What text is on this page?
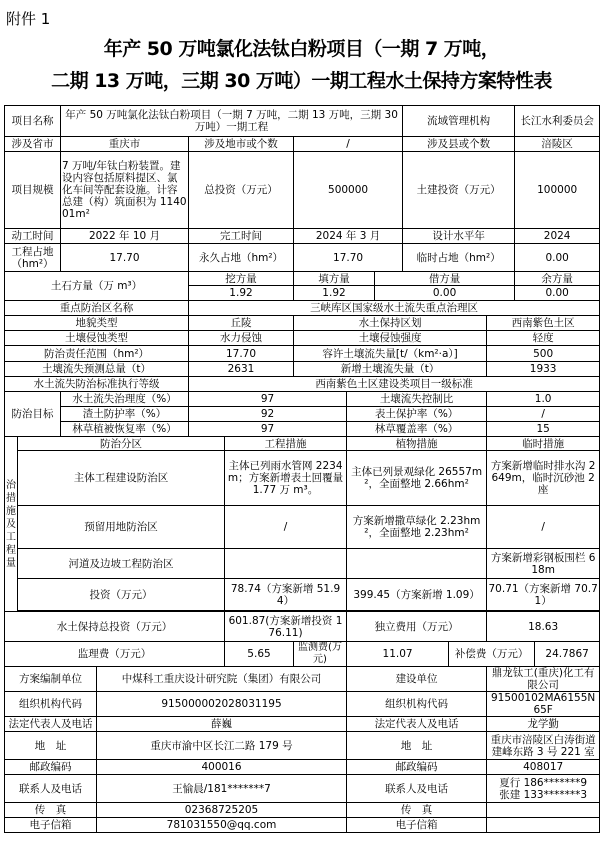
附件 1
年产 50 万吨氯化法钛白粉项目（一期 7 万吨，
二期 13 万吨，三期 30 万吨）一期工程水土保持方案特性表
项目名称		年产 50 万吨氯化法钛白粉项目（一期 7 万吨，二期 13 万吨，三期 30 万吨）一期工程							流域管理机构			长江水利委员会	
涉及省市		重庆市		涉及地市或个数		/			涉及县或个数			涪陵区	
项目规模		7 万吨/年钛白粉装置。建设内容包括原料提区、氯化车间等配套设施。计容总建（构）筑面积为 114001m²		总投资（万元）		500000			土建投资（万元）			100000	
动工时间		2022 年 10 月		完工时间		2024 年 3 月			设计水平年			2024	
工程占地（hm²）		17.70		永久占地（hm²）		17.70			临时占地（hm²）			0.00	
土石方量（万 m³）				挖方量		填方量		借方量				余方量	
				1.92		1.92		0.00				0.00	
重点防治区名称				三峡库区国家级水土流失重点治理区									
地貌类型				丘陵		水土保持区划					西南紫色土区		
土壤侵蚀类型				水力侵蚀		土壤侵蚀强度					轻度		
防治责任范围（hm²）				17.70		容许土壤流失量[t/（km²·a）]					500		
土壤流失预测总量（t）				2631		新增土壤流失量（t）					1933		
水土流失防治标准执行等级				西南紫色土区建设类项目一级标准									
防治目标		水土流失治理度（%）		97			土壤流失控制比				1.0		
		渣土防护率（%）		92			表土保护率（%）				/		
		林草植被恢复率（%）		97			林草覆盖率（%）				15		
治措施及工程量	防治分区				工程措施		植物措施				临时措施		
	主体工程建设防治区				主体已列雨水管网 2234m；方案新增表土回覆量 1.77 万 m³。		主体已列景观绿化 26557m²，全面整地 2.66hm²				方案新增临时排水沟 2649m，临时沉砂池 2 座		
	预留用地防治区				/		方案新增撒草绿化 2.23hm²，全面整地 2.23hm²				/		
	河道及边坡工程防治区										方案新增彩钢板围栏 618m		
	投资（万元）				78.74（方案新增 51.94）		399.45（方案新增 1.09）				70.71（方案新增 70.71）		

水土保持总投资（万元）					601.87(方案新增投资 176.11)		独立费用（万元）				18.63		
监理费（万元）					5.65	监测费(万元)	11.07			补偿费（万元）			24.7867
方案编制单位			中煤科工重庆设计研究院（集团）有限公司				建设单位				鼎龙钛工(重庆)化工有限公司		
组织机构代码			915000002028031195				组织机构代码				91500102MA6155N65F		
法定代表人及电话			薛巍				法定代表人及电话				龙学勤		
地　址			重庆市渝中区长江二路 179 号				地　址				重庆市涪陵区白涛街道建峰东路 3 号 221 室		
邮政编码			400016				邮政编码				408017		
联系人及电话			王愉晨/181*******7				联系人及电话				夏行 186*******9
张建 133*******3		

传　真			02368725205				传　真						
电子信箱			781031550@qq.com				电子信箱						
